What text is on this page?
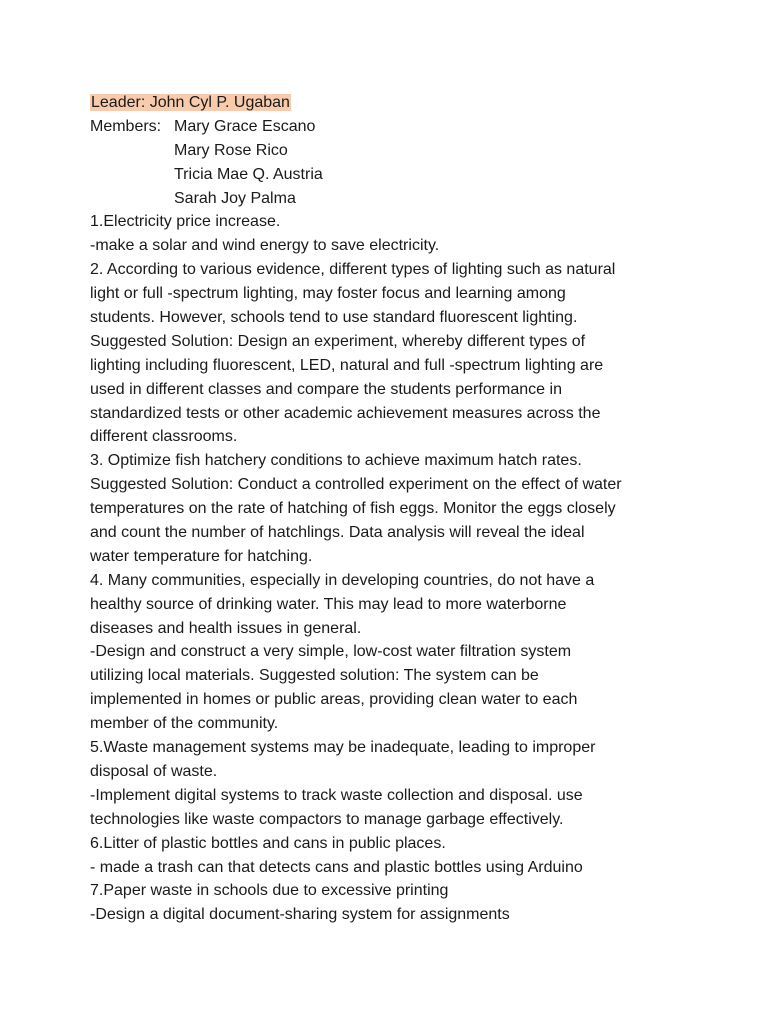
Leader: John Cyl P. Ugaban
Members: Mary Grace Escano
Mary Rose Rico
Tricia Mae Q. Austria
Sarah Joy Palma
1.Electricity price increase.
-make a solar and wind energy to save electricity.
2. According to various evidence, different types of lighting such as natural
light or full -spectrum lighting, may foster focus and learning among
students. However, schools tend to use standard fluorescent lighting.
Suggested Solution: Design an experiment, whereby different types of
lighting including fluorescent, LED, natural and full -spectrum lighting are
used in different classes and compare the students performance in
standardized tests or other academic achievement measures across the
different classrooms.
3. Optimize fish hatchery conditions to achieve maximum hatch rates.
Suggested Solution: Conduct a controlled experiment on the effect of water
temperatures on the rate of hatching of fish eggs. Monitor the eggs closely
and count the number of hatchlings. Data analysis will reveal the ideal
water temperature for hatching.
4. Many communities, especially in developing countries, do not have a
healthy source of drinking water. This may lead to more waterborne
diseases and health issues in general.
-Design and construct a very simple, low-cost water filtration system
utilizing local materials. Suggested solution: The system can be
implemented in homes or public areas, providing clean water to each
member of the community.
5.Waste management systems may be inadequate, leading to improper
disposal of waste.
-Implement digital systems to track waste collection and disposal. use
technologies like waste compactors to manage garbage effectively.
6.Litter of plastic bottles and cans in public places.
- made a trash can that detects cans and plastic bottles using Arduino
7.Paper waste in schools due to excessive printing
-Design a digital document-sharing system for assignments
